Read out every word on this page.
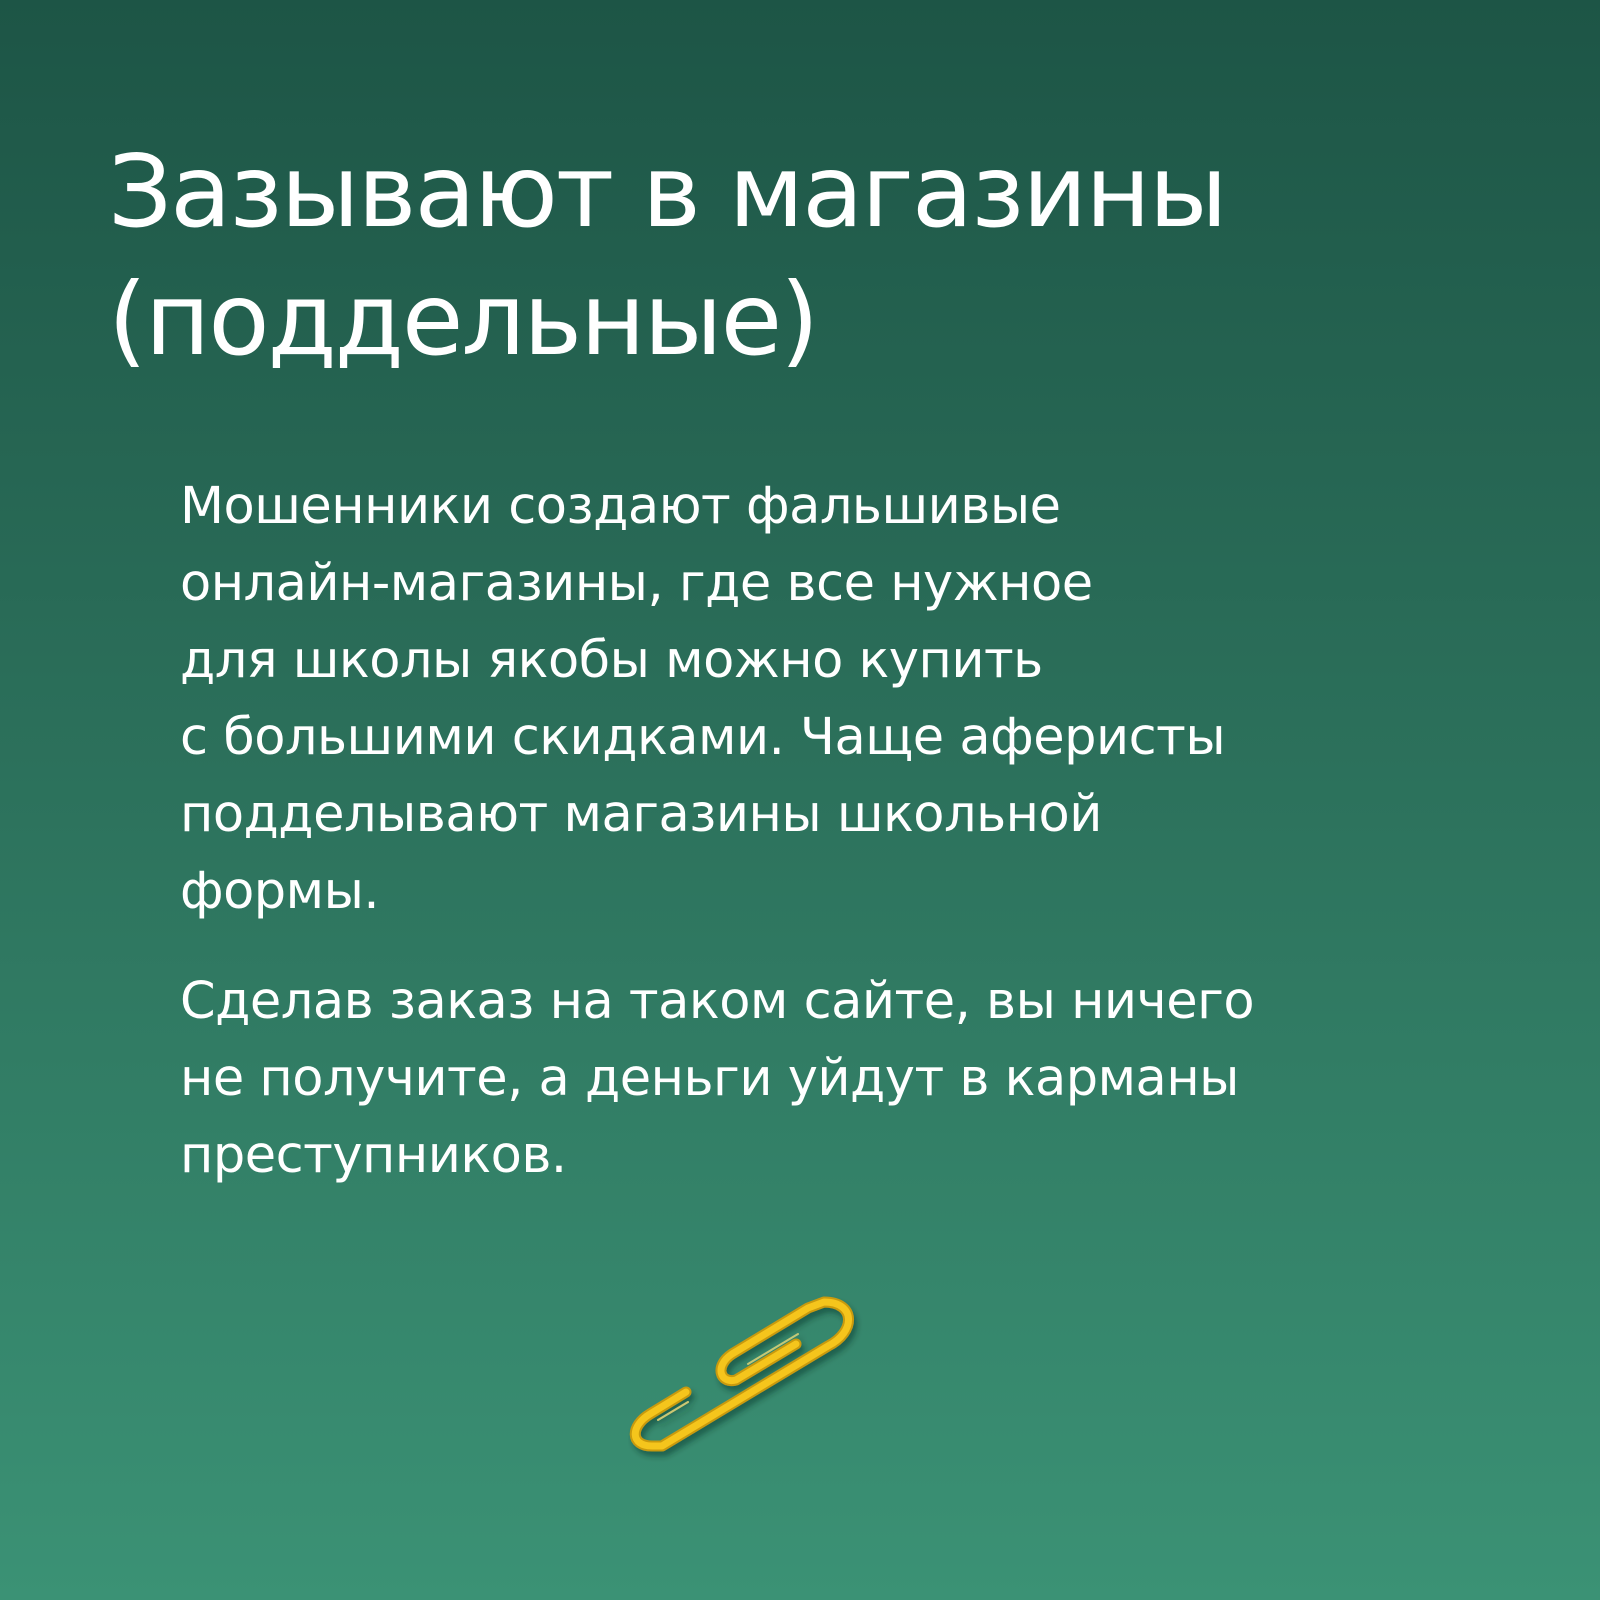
Зазывают в магазины
(поддельные)

Мошенники создают фальшивые
онлайн-магазины, где все нужное
для школы якобы можно купить
с большими скидками. Чаще аферисты
подделывают магазины школьной
формы.

Сделав заказ на таком сайте, вы ничего
не получите, а деньги уйдут в карманы
преступников.
